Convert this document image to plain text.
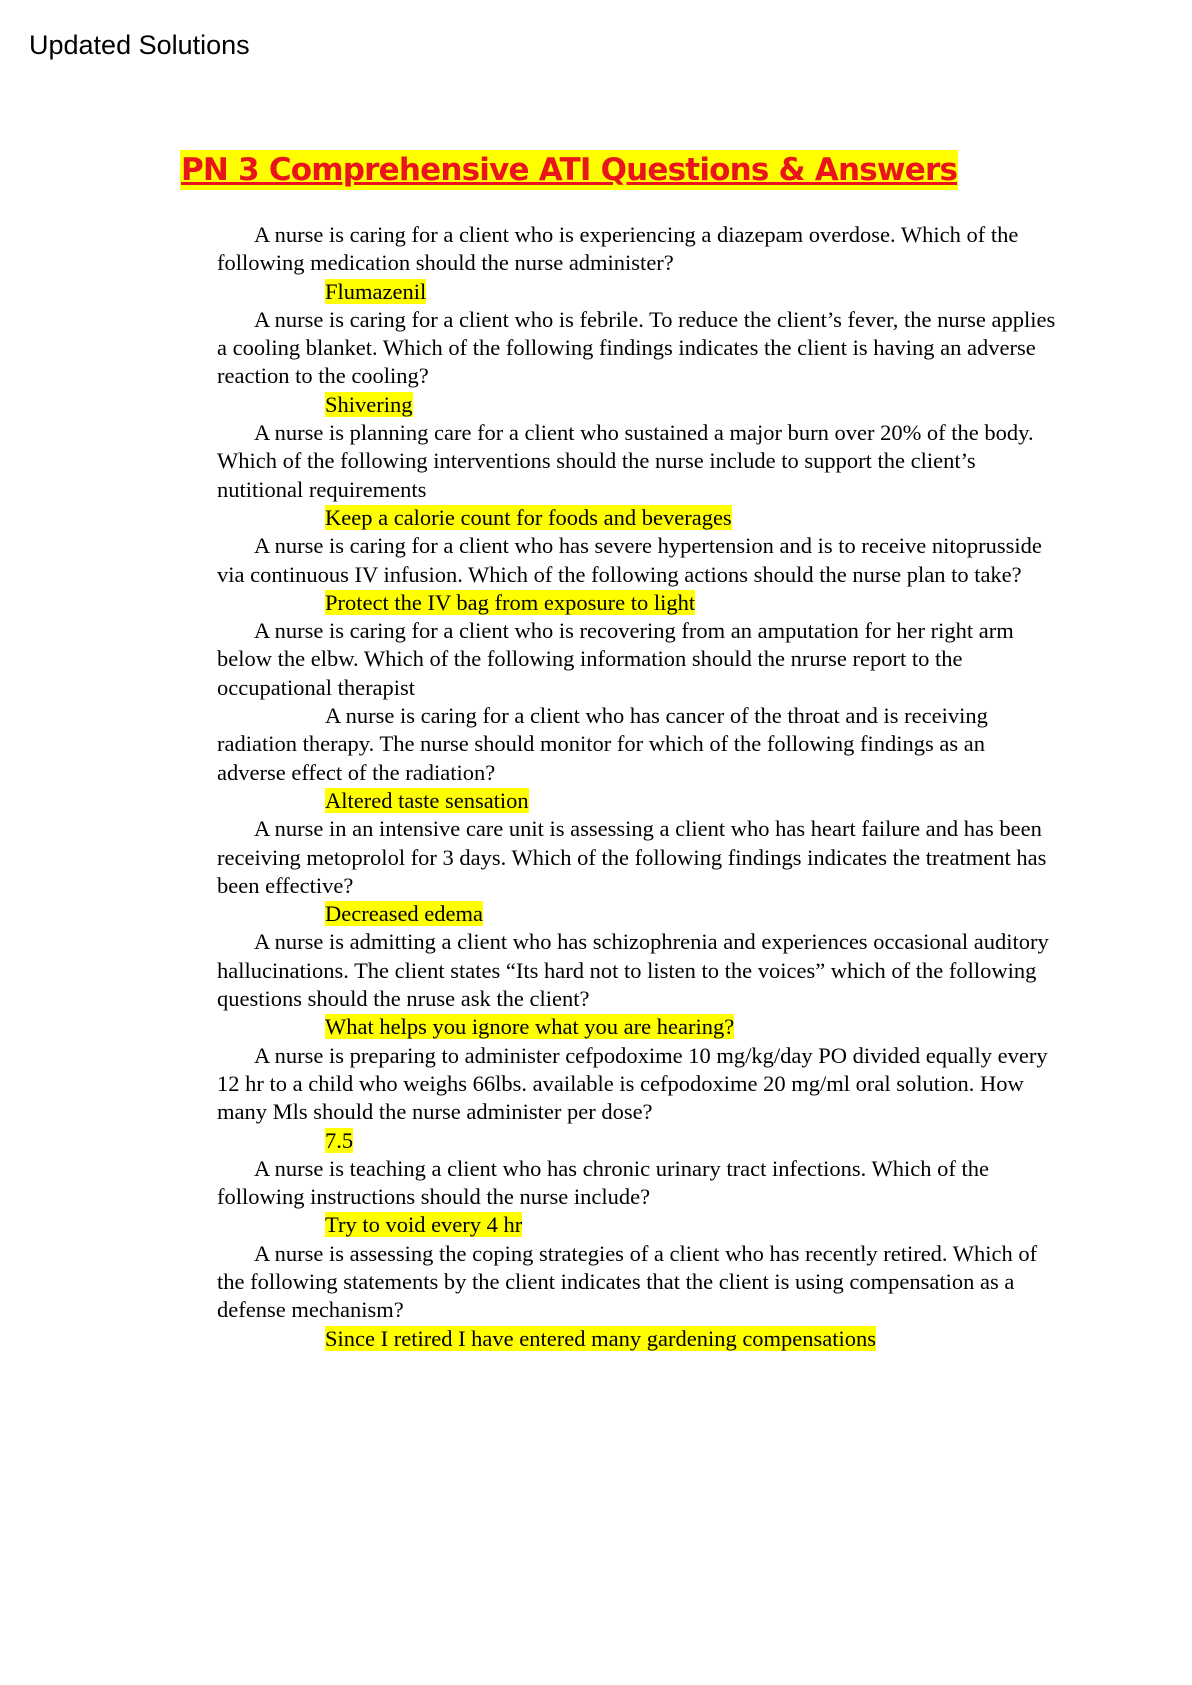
Updated Solutions
PN 3 Comprehensive ATI Questions & Answers

A nurse is caring for a client who is experiencing a diazepam overdose. Which of the following medication should the nurse administer?

Flumazenil

A nurse is caring for a client who is febrile. To reduce the client’s fever, the nurse applies a cooling blanket. Which of the following findings indicates the client is having an adverse reaction to the cooling?

Shivering

A nurse is planning care for a client who sustained a major burn over 20% of the body. Which of the following interventions should the nurse include to support the client’s nutitional requirements

Keep a calorie count for foods and beverages

A nurse is caring for a client who has severe hypertension and is to receive nitoprusside via continuous IV infusion. Which of the following actions should the nurse plan to take?

Protect the IV bag from exposure to light

A nurse is caring for a client who is recovering from an amputation for her right arm below the elbw. Which of the following information should the nrurse report to the occupational therapist

A nurse is caring for a client who has cancer of the throat and is receiving radiation therapy. The nurse should monitor for which of the following findings as an adverse effect of the radiation?

Altered taste sensation

A nurse in an intensive care unit is assessing a client who has heart failure and has been receiving metoprolol for 3 days. Which of the following findings indicates the treatment has been effective?

Decreased edema

A nurse is admitting a client who has schizophrenia and experiences occasional auditory hallucinations. The client states “Its hard not to listen to the voices” which of the following questions should the nruse ask the client?

What helps you ignore what you are hearing?

A nurse is preparing to administer cefpodoxime 10 mg/kg/day PO divided equally every 12 hr to a child who weighs 66lbs. available is cefpodoxime 20 mg/ml oral solution. How many Mls should the nurse administer per dose?

7.5

A nurse is teaching a client who has chronic urinary tract infections. Which of the following instructions should the nurse include?

Try to void every 4 hr

A nurse is assessing the coping strategies of a client who has recently retired. Which of the following statements by the client indicates that the client is using compensation as a defense mechanism?

Since I retired I have entered many gardening compensations
